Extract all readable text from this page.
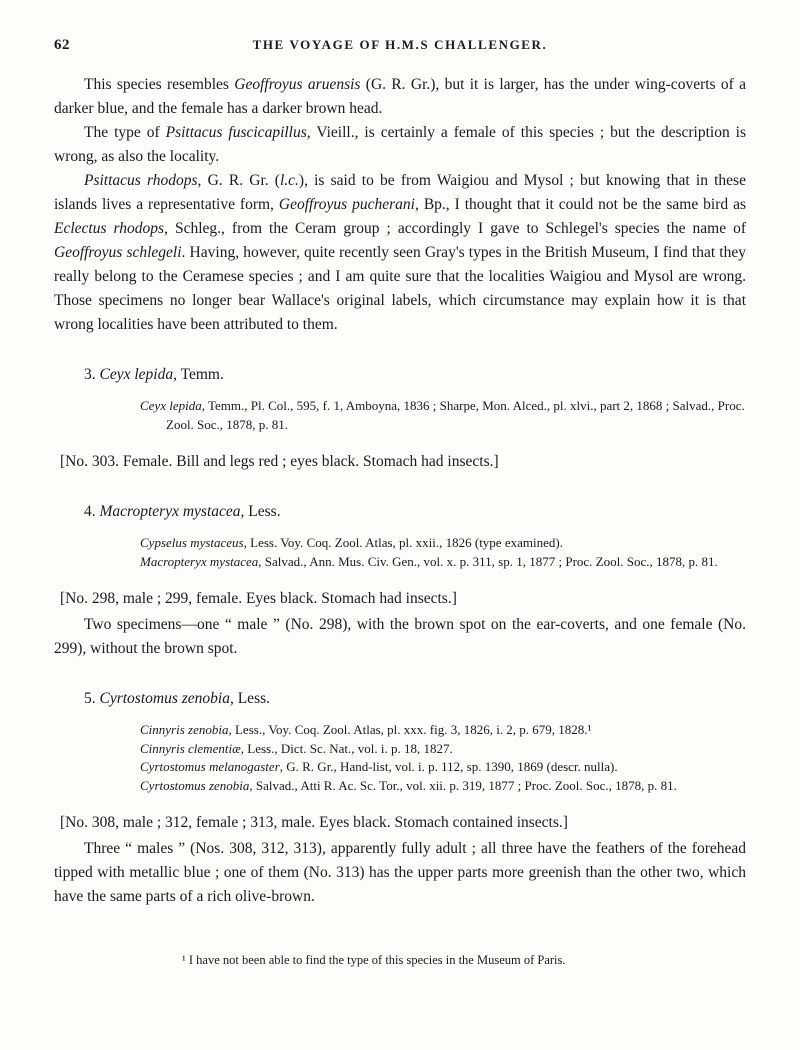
62	THE VOYAGE OF H.M.S CHALLENGER.

This species resembles Geoffroyus aruensis (G. R. Gr.), but it is larger, has the under wing-coverts of a darker blue, and the female has a darker brown head.

The type of Psittacus fuscicapillus, Vieill., is certainly a female of this species ; but the description is wrong, as also the locality.

Psittacus rhodops, G. R. Gr. (l.c.), is said to be from Waigiou and Mysol ; but knowing that in these islands lives a representative form, Geoffroyus pucherani, Bp., I thought that it could not be the same bird as Eclectus rhodops, Schleg., from the Ceram group ; accordingly I gave to Schlegel's species the name of Geoffroyus schlegeli. Having, however, quite recently seen Gray's types in the British Museum, I find that they really belong to the Ceramese species ; and I am quite sure that the localities Waigiou and Mysol are wrong. Those specimens no longer bear Wallace's original labels, which circumstance may explain how it is that wrong localities have been attributed to them.

3. Ceyx lepida, Temm.

Ceyx lepida, Temm., Pl. Col., 595, f. 1, Amboyna, 1836 ; Sharpe, Mon. Alced., pl. xlvi., part 2, 1868 ; Salvad., Proc. Zool. Soc., 1878, p. 81.

[No. 303. Female. Bill and legs red ; eyes black. Stomach had insects.]

4. Macropteryx mystacea, Less.

Cypselus mystaceus, Less. Voy. Coq. Zool. Atlas, pl. xxii., 1826 (type examined).

Macropteryx mystacea, Salvad., Ann. Mus. Civ. Gen., vol. x. p. 311, sp. 1, 1877 ; Proc. Zool. Soc., 1878, p. 81.

[No. 298, male ; 299, female. Eyes black. Stomach had insects.]

Two specimens—one “ male ” (No. 298), with the brown spot on the ear-coverts, and one female (No. 299), without the brown spot.

5. Cyrtostomus zenobia, Less.

Cinnyris zenobia, Less., Voy. Coq. Zool. Atlas, pl. xxx. fig. 3, 1826, i. 2, p. 679, 1828.¹

Cinnyris clementiæ, Less., Dict. Sc. Nat., vol. i. p. 18, 1827.

Cyrtostomus melanogaster, G. R. Gr., Hand-list, vol. i. p. 112, sp. 1390, 1869 (descr. nulla).

Cyrtostomus zenobia, Salvad., Atti R. Ac. Sc. Tor., vol. xii. p. 319, 1877 ; Proc. Zool. Soc., 1878, p. 81.

[No. 308, male ; 312, female ; 313, male. Eyes black. Stomach contained insects.]

Three “ males ” (Nos. 308, 312, 313), apparently fully adult ; all three have the feathers of the forehead tipped with metallic blue ; one of them (No. 313) has the upper parts more greenish than the other two, which have the same parts of a rich olive-brown.

¹ I have not been able to find the type of this species in the Museum of Paris.
